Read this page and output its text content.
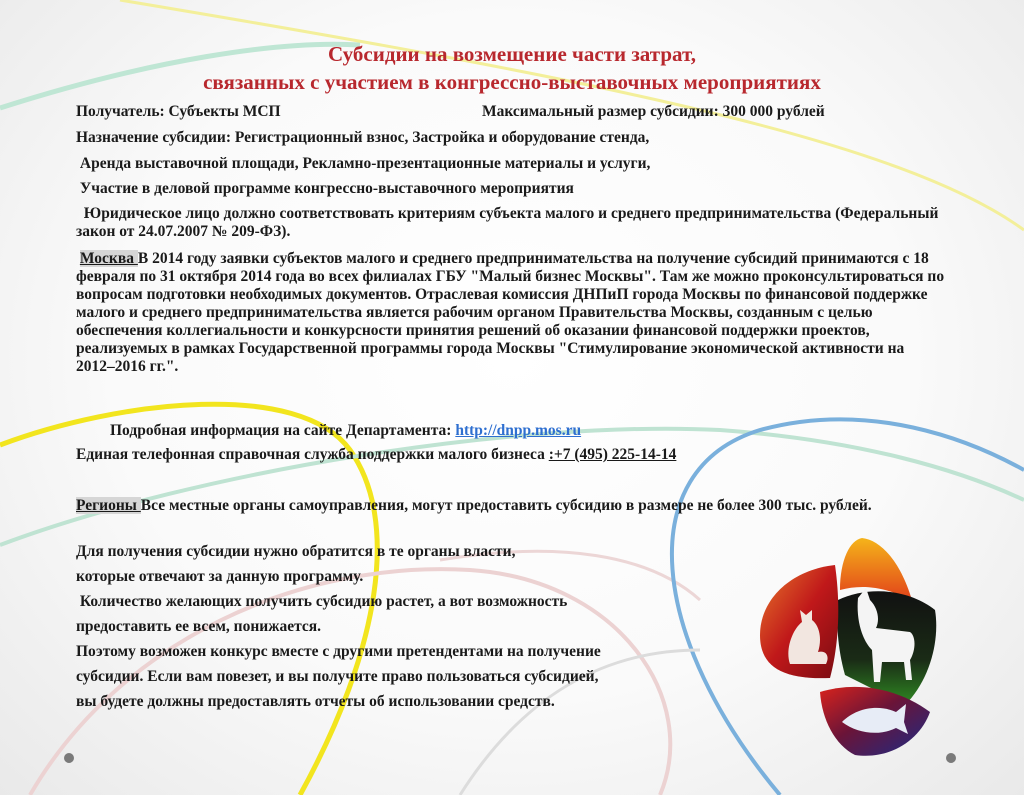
Субсидии на возмещение части затрат,
связанных с участием в конгрессно-выставочных мероприятиях
Получатель: Субъекты МСП	Максимальный размер субсидии: 300 000 рублей
Назначение субсидии: Регистрационный взнос, Застройка и оборудование стенда,
Аренда выставочной площади, Рекламно-презентационные материалы и услуги,
Участие в деловой программе конгрессно-выставочного мероприятия
Юридическое лицо должно соответствовать критериям субъекта малого и среднего предпринимательства (Федеральный закон от 24.07.2007 № 209-ФЗ).
Москва В 2014 году заявки субъектов малого и среднего предпринимательства на получение субсидий принимаются с 18 февраля по 31 октября 2014 года во всех филиалах ГБУ "Малый бизнес Москвы". Там же можно проконсультироваться по вопросам подготовки необходимых документов. Отраслевая комиссия ДНПиП города Москвы по финансовой поддержке малого и среднего предпринимательства является рабочим органом Правительства Москвы, созданным с целью обеспечения коллегиальности и конкурсности принятия решений об оказании финансовой поддержки проектов, реализуемых в рамках Государственной программы города Москвы "Стимулирование экономической активности на 2012–2016 гг.".
Подробная информация на сайте Департамента: http://dnpp.mos.ru
Единая телефонная справочная служба поддержки малого бизнеса :+7 (495) 225-14-14
Регионы Все местные органы самоуправления, могут предоставить субсидию в размере не более 300 тыс. рублей.
Для получения субсидии нужно обратится в те органы власти,
которые отвечают за данную программу.
Количество желающих получить субсидию растет, а вот возможность
предоставить ее всем, понижается.
Поэтому возможен конкурс вместе с другими претендентами на получение
субсидии. Если вам повезет, и вы получите право пользоваться субсидией,
вы будете должны предоставлять отчеты об использовании средств.
